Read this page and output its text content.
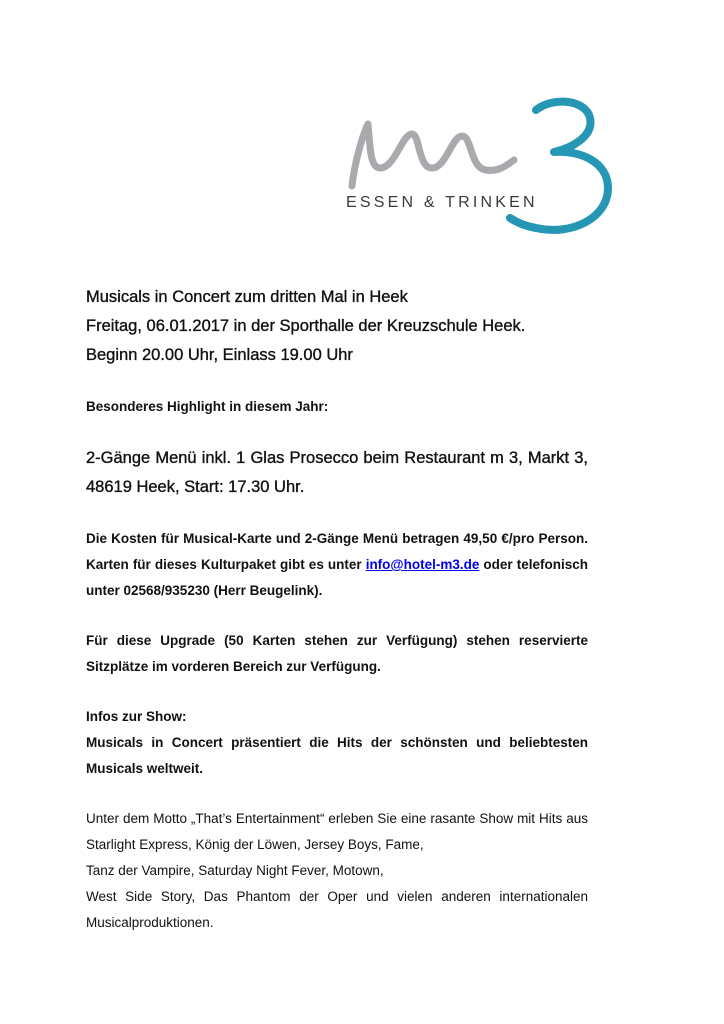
ESSEN & TRINKEN

Musicals in Concert zum dritten Mal in Heek

Freitag, 06.01.2017 in der Sporthalle der Kreuzschule Heek.

Beginn 20.00 Uhr, Einlass 19.00 Uhr

Besonderes Highlight in diesem Jahr:

2-Gänge Menü inkl. 1 Glas Prosecco beim Restaurant m 3, Markt 3, 48619 Heek, Start: 17.30 Uhr.

Die Kosten für Musical-Karte und 2-Gänge Menü betragen 49,50 €/pro Person. Karten für dieses Kulturpaket gibt es unter info@hotel-m3.de oder telefonisch unter 02568/935230 (Herr Beugelink).

Für diese Upgrade (50 Karten stehen zur Verfügung) stehen reservierte Sitzplätze im vorderen Bereich zur Verfügung.

Infos zur Show:

Musicals in Concert präsentiert die Hits der schönsten und beliebtesten Musicals weltweit.

Unter dem Motto „That’s Entertainment“ erleben Sie eine rasante Show mit Hits aus Starlight Express, König der Löwen, Jersey Boys, Fame,

Tanz der Vampire, Saturday Night Fever, Motown,

West Side Story, Das Phantom der Oper und vielen anderen internationalen Musicalproduktionen.
